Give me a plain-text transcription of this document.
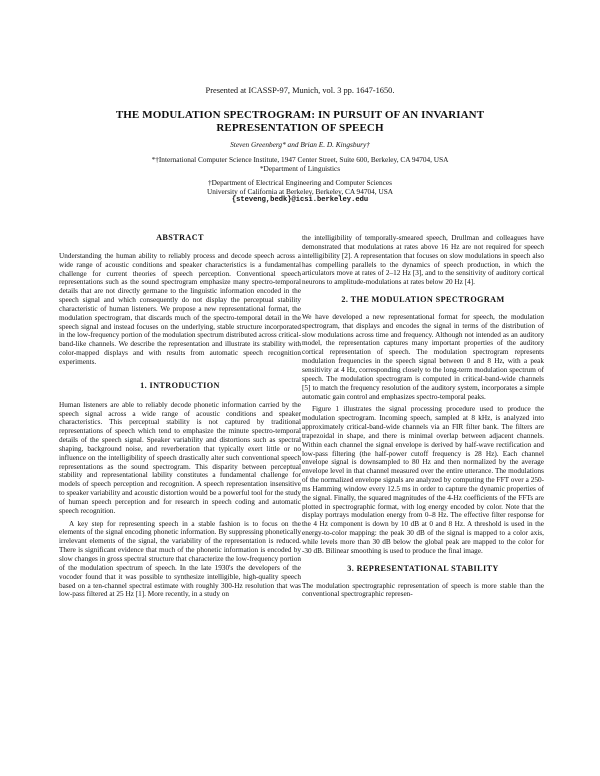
Presented at ICASSP-97, Munich, vol. 3 pp. 1647-1650.
THE MODULATION SPECTROGRAM: IN PURSUIT OF AN INVARIANT
REPRESENTATION OF SPEECH
Steven Greenberg* and Brian E. D. Kingsbury†
*†International Computer Science Institute, 1947 Center Street, Suite 600, Berkeley, CA 94704, USA
*Department of Linguistics
†Department of Electrical Engineering and Computer Sciences
University of California at Berkeley, Berkeley, CA 94704, USA
{steveng,bedk}@icsi.berkeley.edu
ABSTRACT

Understanding the human ability to reliably process and decode speech across a wide range of acoustic conditions and speaker characteristics is a fundamental challenge for current theories of speech perception. Conventional speech representations such as the sound spectrogram emphasize many spectro-temporal details that are not directly germane to the linguistic information encoded in the speech signal and which consequently do not display the perceptual stability characteristic of human listeners. We propose a new representational format, the modulation spectrogram, that discards much of the spectro-temporal detail in the speech signal and instead focuses on the underlying, stable structure incorporated in the low-frequency portion of the modulation spectrum distributed across critical-band-like channels. We describe the representation and illustrate its stability with color-mapped displays and with results from automatic speech recognition experiments.

1. INTRODUCTION

Human listeners are able to reliably decode phonetic information carried by the speech signal across a wide range of acoustic conditions and speaker characteristics. This perceptual stability is not captured by traditional representations of speech which tend to emphasize the minute spectro-temporal details of the speech signal. Speaker variability and distortions such as spectral shaping, background noise, and reverberation that typically exert little or no influence on the intelligibility of speech drastically alter such conventional speech representations as the sound spectrogram. This disparity between perceptual stability and representational lability constitutes a fundamental challenge for models of speech perception and recognition. A speech representation insensitive to speaker variability and acoustic distortion would be a powerful tool for the study of human speech perception and for research in speech coding and automatic speech recognition.

A key step for representing speech in a stable fashion is to focus on the elements of the signal encoding phonetic information. By suppressing phonetically irrelevant elements of the signal, the variability of the representation is reduced. There is significant evidence that much of the phonetic information is encoded by slow changes in gross spectral structure that characterize the low-frequency portion of the modulation spectrum of speech. In the late 1930's the developers of the vocoder found that it was possible to synthesize intelligible, high-quality speech based on a ten-channel spectral estimate with roughly 300-Hz resolution that was low-pass filtered at 25 Hz [1]. More recently, in a study on

the intelligibility of temporally-smeared speech, Drullman and colleagues have demonstrated that modulations at rates above 16 Hz are not required for speech intelligibility [2]. A representation that focuses on slow modulations in speech also has compelling parallels to the dynamics of speech production, in which the articulators move at rates of 2–12 Hz [3], and to the sensitivity of auditory cortical neurons to amplitude-modulations at rates below 20 Hz [4].

2. THE MODULATION SPECTROGRAM

We have developed a new representational format for speech, the modulation spectrogram, that displays and encodes the signal in terms of the distribution of slow modulations across time and frequency. Although not intended as an auditory model, the representation captures many important properties of the auditory cortical representation of speech. The modulation spectrogram represents modulation frequencies in the speech signal between 0 and 8 Hz, with a peak sensitivity at 4 Hz, corresponding closely to the long-term modulation spectrum of speech. The modulation spectrogram is computed in critical-band-wide channels [5] to match the frequency resolution of the auditory system, incorporates a simple automatic gain control and emphasizes spectro-temporal peaks.

Figure 1 illustrates the signal processing procedure used to produce the modulation spectrogram. Incoming speech, sampled at 8 kHz, is analyzed into approximately critical-band-wide channels via an FIR filter bank. The filters are trapezoidal in shape, and there is minimal overlap between adjacent channels. Within each channel the signal envelope is derived by half-wave rectification and low-pass filtering (the half-power cutoff frequency is 28 Hz). Each channel envelope signal is downsampled to 80 Hz and then normalized by the average envelope level in that channel measured over the entire utterance. The modulations of the normalized envelope signals are analyzed by computing the FFT over a 250-ms Hamming window every 12.5 ms in order to capture the dynamic properties of the signal. Finally, the squared magnitudes of the 4-Hz coefficients of the FFTs are plotted in spectrographic format, with log energy encoded by color. Note that the display portrays modulation energy from 0–8 Hz. The effective filter response for the 4 Hz component is down by 10 dB at 0 and 8 Hz. A threshold is used in the energy-to-color mapping: the peak 30 dB of the signal is mapped to a color axis, while levels more than 30 dB below the global peak are mapped to the color for -30 dB. Bilinear smoothing is used to produce the final image.

3. REPRESENTATIONAL STABILITY

The modulation spectrographic representation of speech is more stable than the conventional spectrographic represen-
